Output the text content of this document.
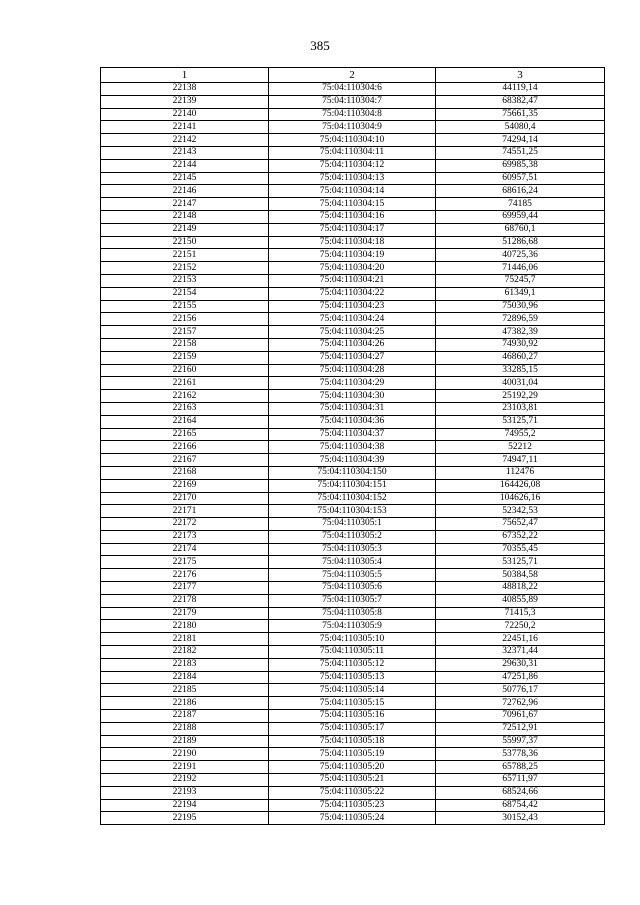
385
1	2	3
22138	75:04:110304:6	44119,14
22139	75:04:110304:7	68382,47
22140	75:04:110304:8	75661,35
22141	75:04:110304:9	54080,4
22142	75:04:110304:10	74294,14
22143	75:04:110304:11	74551,25
22144	75:04:110304:12	69985,38
22145	75:04:110304:13	60957,51
22146	75:04:110304:14	68616,24
22147	75:04:110304:15	74185
22148	75:04:110304:16	69959,44
22149	75:04:110304:17	68760,1
22150	75:04:110304:18	51286,68
22151	75:04:110304:19	40725,36
22152	75:04:110304:20	71446,06
22153	75:04:110304:21	75245,7
22154	75:04:110304:22	61349,1
22155	75:04:110304:23	75030,96
22156	75:04:110304:24	72896,59
22157	75:04:110304:25	47382,39
22158	75:04:110304:26	74930,92
22159	75:04:110304:27	46860,27
22160	75:04:110304:28	33285,15
22161	75:04:110304:29	40031,04
22162	75:04:110304:30	25192,29
22163	75:04:110304:31	23103,81
22164	75:04:110304:36	53125,71
22165	75:04:110304:37	74955,2
22166	75:04:110304:38	52212
22167	75:04:110304:39	74947,11
22168	75:04:110304:150	112476
22169	75:04:110304:151	164426,08
22170	75:04:110304:152	104626,16
22171	75:04:110304:153	52342,53
22172	75:04:110305:1	75652,47
22173	75:04:110305:2	67352,22
22174	75:04:110305:3	70355,45
22175	75:04:110305:4	53125,71
22176	75:04:110305:5	50384,58
22177	75:04:110305:6	48818,22
22178	75:04:110305:7	40855,89
22179	75:04:110305:8	71415,3
22180	75:04:110305:9	72250,2
22181	75:04:110305:10	22451,16
22182	75:04:110305:11	32371,44
22183	75:04:110305:12	29630,31
22184	75:04:110305:13	47251,86
22185	75:04:110305:14	50776,17
22186	75:04:110305:15	72762,96
22187	75:04:110305:16	70961,67
22188	75:04:110305:17	72512,91
22189	75:04:110305:18	55997,37
22190	75:04:110305:19	53778,36
22191	75:04:110305:20	65788,25
22192	75:04:110305:21	65711,97
22193	75:04:110305:22	68524,66
22194	75:04:110305:23	68754,42
22195	75:04:110305:24	30152,43
